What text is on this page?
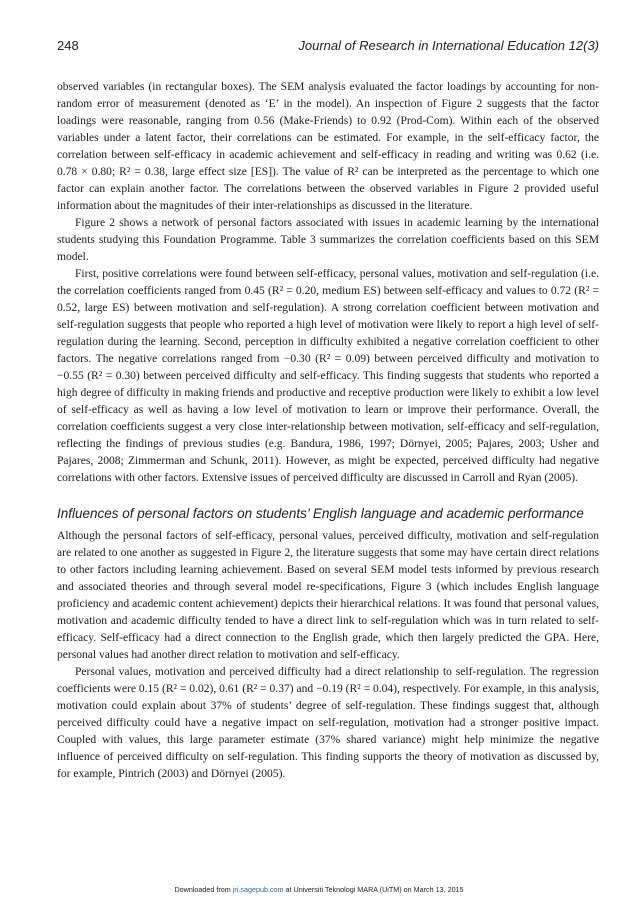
248	Journal of Research in International Education 12(3)

observed variables (in rectangular boxes). The SEM analysis evaluated the factor loadings by accounting for non-random error of measurement (denoted as ‘E’ in the model). An inspection of Figure 2 suggests that the factor loadings were reasonable, ranging from 0.56 (Make-Friends) to 0.92 (Prod-Com). Within each of the observed variables under a latent factor, their correlations can be estimated. For example, in the self-efficacy factor, the correlation between self-efficacy in academic achievement and self-efficacy in reading and writing was 0.62 (i.e. 0.78 × 0.80; R² = 0.38, large effect size [ES]). The value of R² can be interpreted as the percentage to which one factor can explain another factor. The correlations between the observed variables in Figure 2 provided useful information about the magnitudes of their inter-relationships as discussed in the literature.

Figure 2 shows a network of personal factors associated with issues in academic learning by the international students studying this Foundation Programme. Table 3 summarizes the correlation coefficients based on this SEM model.

First, positive correlations were found between self-efficacy, personal values, motivation and self-regulation (i.e. the correlation coefficients ranged from 0.45 (R² = 0.20, medium ES) between self-efficacy and values to 0.72 (R² = 0.52, large ES) between motivation and self-regulation). A strong correlation coefficient between motivation and self-regulation suggests that people who reported a high level of motivation were likely to report a high level of self-regulation during the learning. Second, perception in difficulty exhibited a negative correlation coefficient to other factors. The negative correlations ranged from −0.30 (R² = 0.09) between perceived difficulty and motivation to −0.55 (R² = 0.30) between perceived difficulty and self-efficacy. This finding suggests that students who reported a high degree of difficulty in making friends and productive and receptive production were likely to exhibit a low level of self-efficacy as well as having a low level of motivation to learn or improve their performance. Overall, the correlation coefficients suggest a very close inter-relationship between motivation, self-efficacy and self-regulation, reflecting the findings of previous studies (e.g. Bandura, 1986, 1997; Dörnyei, 2005; Pajares, 2003; Usher and Pajares, 2008; Zimmerman and Schunk, 2011). However, as might be expected, perceived difficulty had negative correlations with other factors. Extensive issues of perceived difficulty are discussed in Carroll and Ryan (2005).

Influences of personal factors on students’ English language and academic performance

Although the personal factors of self-efficacy, personal values, perceived difficulty, motivation and self-regulation are related to one another as suggested in Figure 2, the literature suggests that some may have certain direct relations to other factors including learning achievement. Based on several SEM model tests informed by previous research and associated theories and through several model re-specifications, Figure 3 (which includes English language proficiency and academic content achievement) depicts their hierarchical relations. It was found that personal values, motivation and academic difficulty tended to have a direct link to self-regulation which was in turn related to self-efficacy. Self-efficacy had a direct connection to the English grade, which then largely predicted the GPA. Here, personal values had another direct relation to motivation and self-efficacy.

Personal values, motivation and perceived difficulty had a direct relationship to self-regulation. The regression coefficients were 0.15 (R² = 0.02), 0.61 (R² = 0.37) and −0.19 (R² = 0.04), respectively. For example, in this analysis, motivation could explain about 37% of students’ degree of self-regulation. These findings suggest that, although perceived difficulty could have a negative impact on self-regulation, motivation had a stronger positive impact. Coupled with values, this large parameter estimate (37% shared variance) might help minimize the negative influence of perceived difficulty on self-regulation. This finding supports the theory of motivation as discussed by, for example, Pintrich (2003) and Dörnyei (2005).

Downloaded from jri.sagepub.com at Universiti Teknologi MARA (UiTM) on March 13, 2015
